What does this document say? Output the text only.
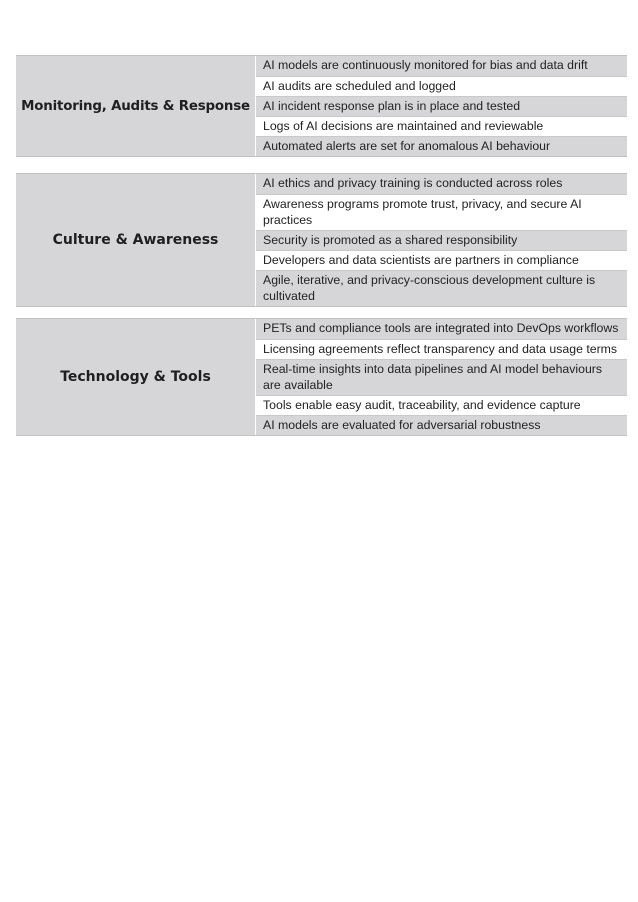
Monitoring, Audits & Response
AI models are continuously monitored for bias and data drift
AI audits are scheduled and logged
AI incident response plan is in place and tested
Logs of AI decisions are maintained and reviewable
Automated alerts are set for anomalous AI behaviour
Culture & Awareness
AI ethics and privacy training is conducted across roles
Awareness programs promote trust, privacy, and secure AI practices
Security is promoted as a shared responsibility
Developers and data scientists are partners in compliance
Agile, iterative, and privacy-conscious development culture is cultivated
Technology & Tools
PETs and compliance tools are integrated into DevOps workflows
Licensing agreements reflect transparency and data usage terms
Real-time insights into data pipelines and AI model behaviours are available
Tools enable easy audit, traceability, and evidence capture
AI models are evaluated for adversarial robustness
